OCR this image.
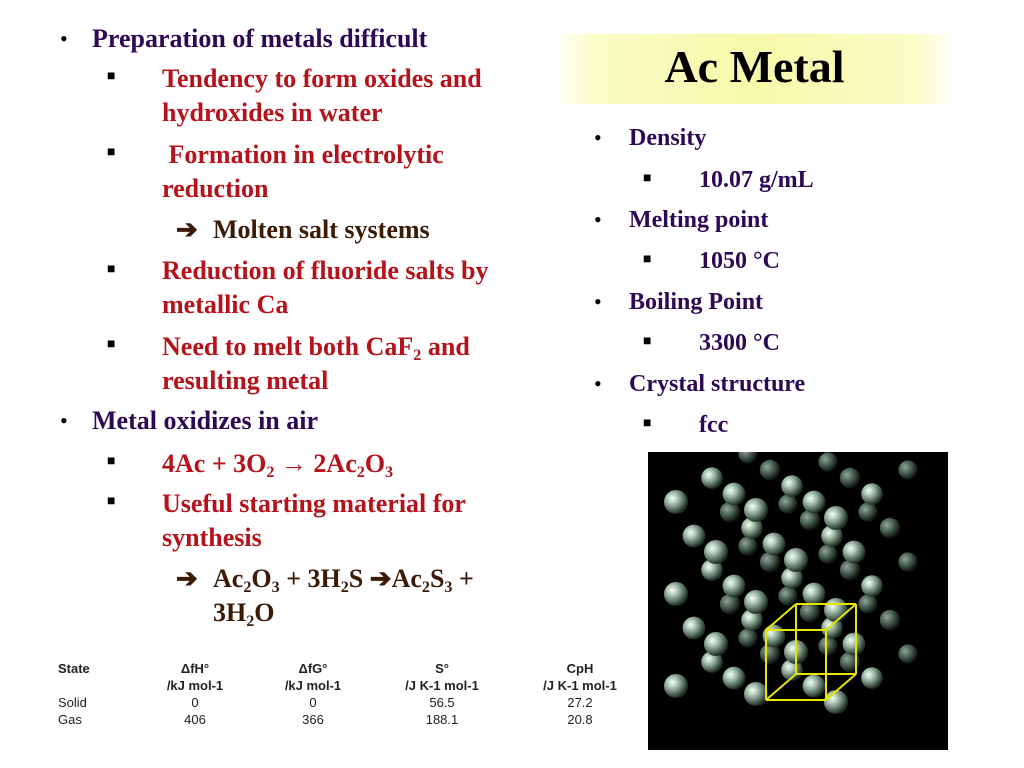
Ac Metal
• Preparation of metals difficult
■ Tendency to form oxides and hydroxides in water
■ Formation in electrolytic reduction
➔ Molten salt systems
■ Reduction of fluoride salts by metallic Ca
■ Need to melt both CaF$_2$ and resulting metal
• Metal oxidizes in air
■ $4Ac + 3O_2 \to 2Ac_2O_3$
■ Useful starting material for synthesis
➔ $Ac_2O_3 + 3H_2S$ $➔Ac_2S_3$ +
$3H_2O$
• Density
■ 10.07 g/mL
• Melting point
■ 1050 °C
• Boiling Point
■ 3300 °C
• Crystal structure
■ fcc
State	ΔfH°	ΔfG°	S°	CpH
	/kJ mol-1	/kJ mol-1	/J K-1 mol-1	/J K-1 mol-1
Solid	0	0	56.5	27.2
Gas	406	366	188.1	20.8
